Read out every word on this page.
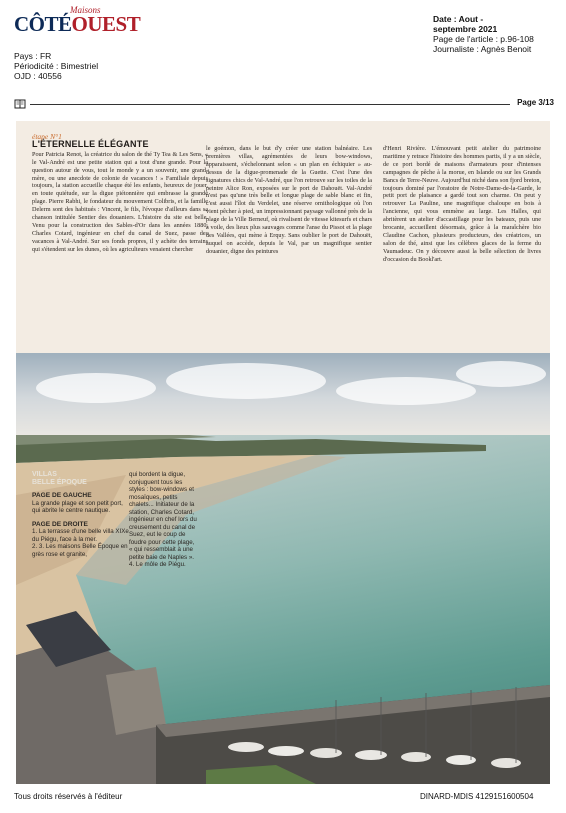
Maisons
CÔTÉOUEST
Pays : FR
Périodicité : Bimestriel
OJD : 40556
Date : Aout -
septembre 2021
Page de l'article : p.96-108
Journaliste : Agnès Benoit
Page 3/13
étape N°1
L'ÉTERNELLE ÉLÉGANTE
Pour Patricia Renot, la créatrice du salon de thé Ty Tea & Les Sens, « le Val-André est une petite station qui a tout d'une grande. Pour la question autour de vous, tout le monde y a un souvenir, une grand-mère, ou une anecdote de colonie de vacances ! » Familiale depuis toujours, la station accueille chaque été les enfants, heureux de jouer, en toute quiétude, sur la digue piétonnière qui embrasse la grande plage. Pierre Rabhi, le fondateur du mouvement Colibris, et la famille Delerm sont des habitués : Vincent, le fils, l'évoque d'ailleurs dans sa chanson intitulée Sentier des douaniers. L'histoire du site est belle. Venu pour la construction des Sables-d'Or dans les années 1880, Charles Cotard, ingénieur en chef du canal de Suez, passe des vacances à Val-André. Sur ses fonds propres, il y achète des terrains qui s'étendent sur les dunes, où les agriculteurs venaient chercher
le goémon, dans le but d'y créer une station balnéaire. Les premières villas, agrémentées de leurs bow-windows, apparaissent, s'échelonnant selon « un plan en échiquier » au-dessus de la digue-promenade de la Guette. C'est l'une des signatures chics de Val-André, que l'on retrouve sur les toiles de la peintre Alice Ron, exposées sur le port de Dahouët. Val-André n'est pas qu'une très belle et longue plage de sable blanc et fin, c'est aussi l'îlot du Verdelet, une réserve ornithologique où l'on vient pêcher à pied, un impressionnant paysage vallonné près de la plage de la Ville Berneuf, où rivalisent de vitesse kitesurfs et chars à voile, des lieux plus sauvages comme l'anse du Pissot et la plage des Vallées, qui mène à Erquy. Sans oublier le port de Dahouët, auquel on accède, depuis le Val, par un magnifique sentier douanier, digne des peintures
d'Henri Rivière. L'émouvant petit atelier du patrimoine maritime y retrace l'histoire des hommes partis, il y a un siècle, de ce port bordé de maisons d'armateurs pour d'intenses campagnes de pêche à la morue, en Islande ou sur les Grands Bancs de Terre-Neuve. Aujourd'hui niché dans son fjord breton, toujours dominé par l'oratoire de Notre-Dame-de-la-Garde, le petit port de plaisance a gardé tout son charme. On peut y retrouver La Pauline, une magnifique chaloupe en bois à l'ancienne, qui vous emmène au large. Les Halles, qui abritèrent un atelier d'accastillage pour les bateaux, puis une brocante, accueillent désormais, grâce à la maraîchère bio Claudine Cachon, plusieurs producteurs, des créatrices, un salon de thé, ainsi que les célèbres glaces de la ferme du Vaumadeuc. On y découvre aussi la belle sélection de livres d'occasion du Bookl'art.
VILLAS
BELLE ÉPOQUE
PAGE DE GAUCHE
La grande plage et son petit port, qui abrite le centre nautique.
PAGE DE DROITE
1. La terrasse d'une belle villa XIXe du Piégu, face à la mer.
2. 3. Les maisons Belle Époque en grès rose et granite,
qui bordent la digue, conjuguent tous les styles : bow-windows et mosaïques, petits chalets... Initiateur de la station, Charles Cotard, ingénieur en chef lors du creusement du canal de Suez, eut le coup de foudre pour cette plage, « qui ressemblait à une petite baie de Naples ». 4. Le môle de Piégu.
Tous droits réservés à l'éditeur	DINARD-MDIS 4129151600504
